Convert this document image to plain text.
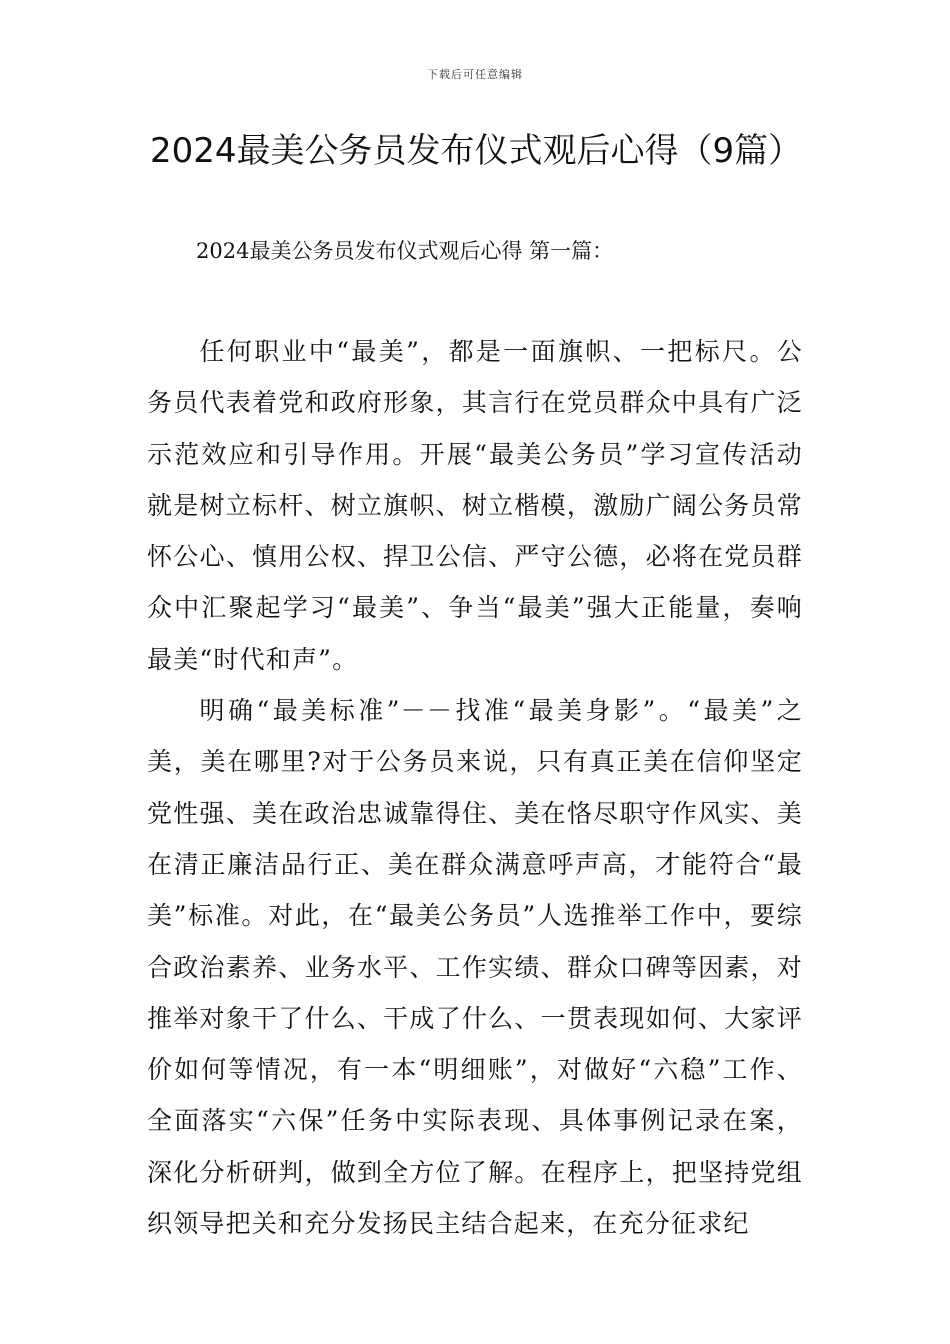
下载后可任意编辑
2024最美公务员发布仪式观后心得（9篇）

2024最美公务员发布仪式观后心得 第一篇：

任何职业中“最美”，都是一面旗帜、一把标尺。公务员代表着党和政府形象，其言行在党员群众中具有广泛示范效应和引导作用。开展“最美公务员”学习宣传活动就是树立标杆、树立旗帜、树立楷模，激励广阔公务员常怀公心、慎用公权、捍卫公信、严守公德，必将在党员群众中汇聚起学习“最美”、争当“最美”强大正能量，奏响最美“时代和声”。

明确“最美标准”－－找准“最美身影”。“最美”之美，美在哪里?对于公务员来说，只有真正美在信仰坚定党性强、美在政治忠诚靠得住、美在恪尽职守作风实、美在清正廉洁品行正、美在群众满意呼声高，才能符合“最美”标准。对此，在“最美公务员”人选推举工作中，要综合政治素养、业务水平、工作实绩、群众口碑等因素，对推举对象干了什么、干成了什么、一贯表现如何、大家评价如何等情况，有一本“明细账”，对做好“六稳”工作、全面落实“六保”任务中实际表现、具体事例记录在案，深化分析研判，做到全方位了解。在程序上，把坚持党组织领导把关和充分发扬民主结合起来，在充分征求纪
